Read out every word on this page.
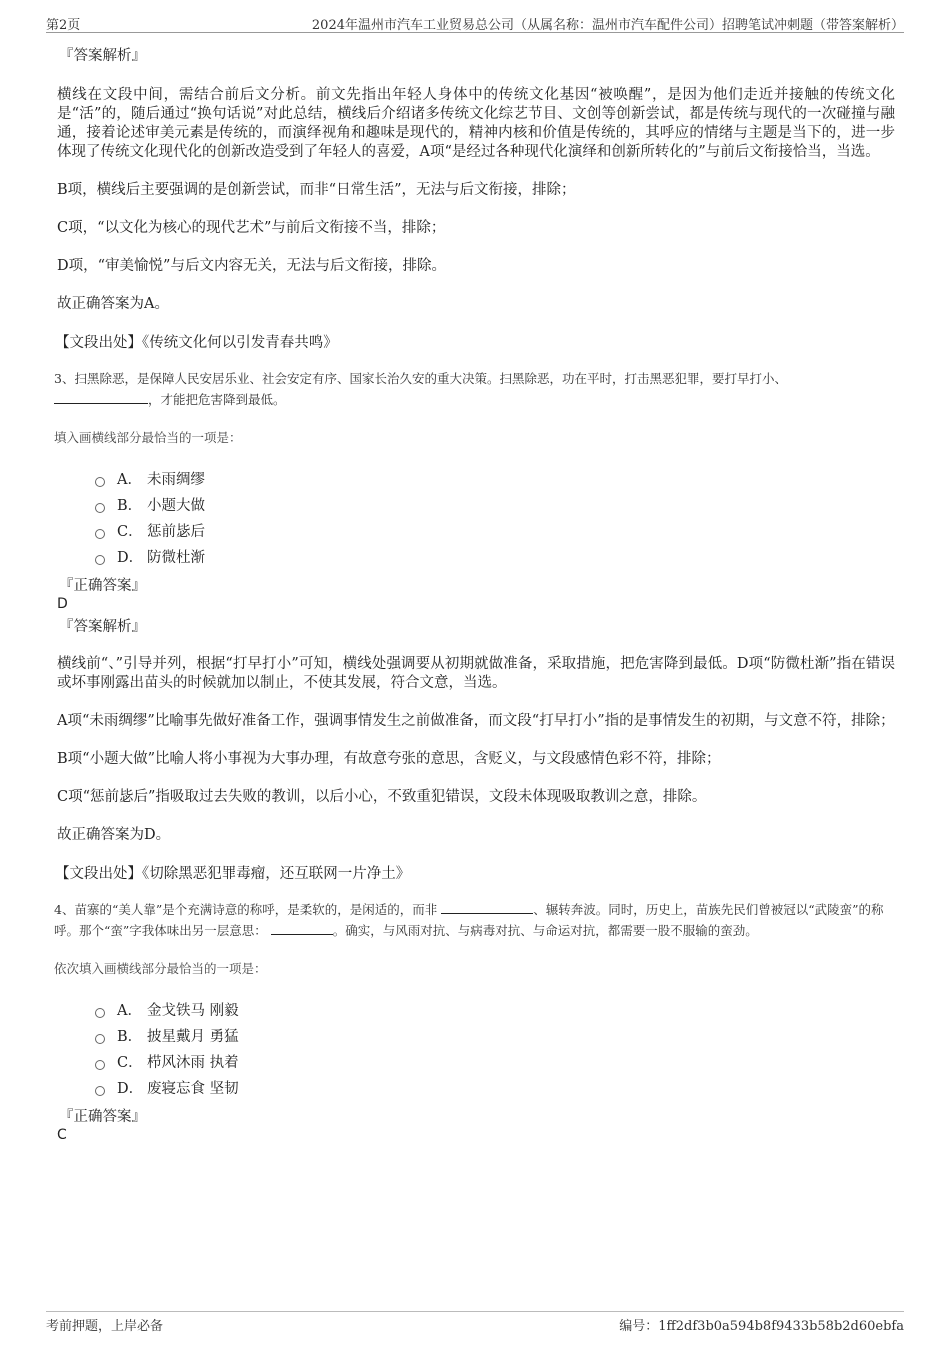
第2页	2024年温州市汽车工业贸易总公司（从属名称：温州市汽车配件公司）招聘笔试冲刺题（带答案解析）
『答案解析』

横线在文段中间，需结合前后文分析。前文先指出年轻人身体中的传统文化基因“被唤醒”，是因为他们走近并接触的传统文化是“活”的，随后通过“换句话说”对此总结，横线后介绍诸多传统文化综艺节目、文创等创新尝试，都是传统与现代的一次碰撞与融通，接着论述审美元素是传统的，而演绎视角和趣味是现代的，精神内核和价值是传统的，其呼应的情绪与主题是当下的，进一步体现了传统文化现代化的创新改造受到了年轻人的喜爱，A项“是经过各种现代化演绎和创新所转化的”与前后文衔接恰当，当选。

B项，横线后主要强调的是创新尝试，而非“日常生活”，无法与后文衔接，排除；

C项，“以文化为核心的现代艺术”与前后文衔接不当，排除；

D项，“审美愉悦”与后文内容无关，无法与后文衔接，排除。

故正确答案为A。

【文段出处】《传统文化何以引发青春共鸣》
3、扫黑除恶，是保障人民安居乐业、社会安定有序、国家长治久安的重大决策。扫黑除恶，功在平时，打击黑恶犯罪，要打早打小、
，才能把危害降到最低。
填入画横线部分最恰当的一项是：
A． 未雨绸缪
B． 小题大做
C． 惩前毖后
D． 防微杜渐
『正确答案』
D
『答案解析』

横线前“、”引导并列，根据“打早打小”可知，横线处强调要从初期就做准备，采取措施，把危害降到最低。D项“防微杜渐”指在错误或坏事刚露出苗头的时候就加以制止，不使其发展，符合文意，当选。

A项“未雨绸缪”比喻事先做好准备工作，强调事情发生之前做准备，而文段“打早打小”指的是事情发生的初期，与文意不符，排除；

B项“小题大做”比喻人将小事视为大事办理，有故意夸张的意思，含贬义，与文段感情色彩不符，排除；

C项“惩前毖后”指吸取过去失败的教训，以后小心，不致重犯错误，文段未体现吸取教训之意，排除。

故正确答案为D。

【文段出处】《切除黑恶犯罪毒瘤，还互联网一片净土》
4、苗寨的“美人靠”是个充满诗意的称呼，是柔软的，是闲适的，而非	、辗转奔波。同时，历史上，苗族先民们曾被冠以“武陵蛮”的称呼。那个“蛮”字我体味出另一层意思：	。确实，与风雨对抗、与病毒对抗、与命运对抗，都需要一股不服输的蛮劲。
依次填入画横线部分最恰当的一项是：
A． 金戈铁马 刚毅
B． 披星戴月 勇猛
C． 栉风沐雨 执着
D． 废寝忘食 坚韧
『正确答案』
C
考前押题，上岸必备	编号：1ff2df3b0a594b8f9433b58b2d60ebfa
